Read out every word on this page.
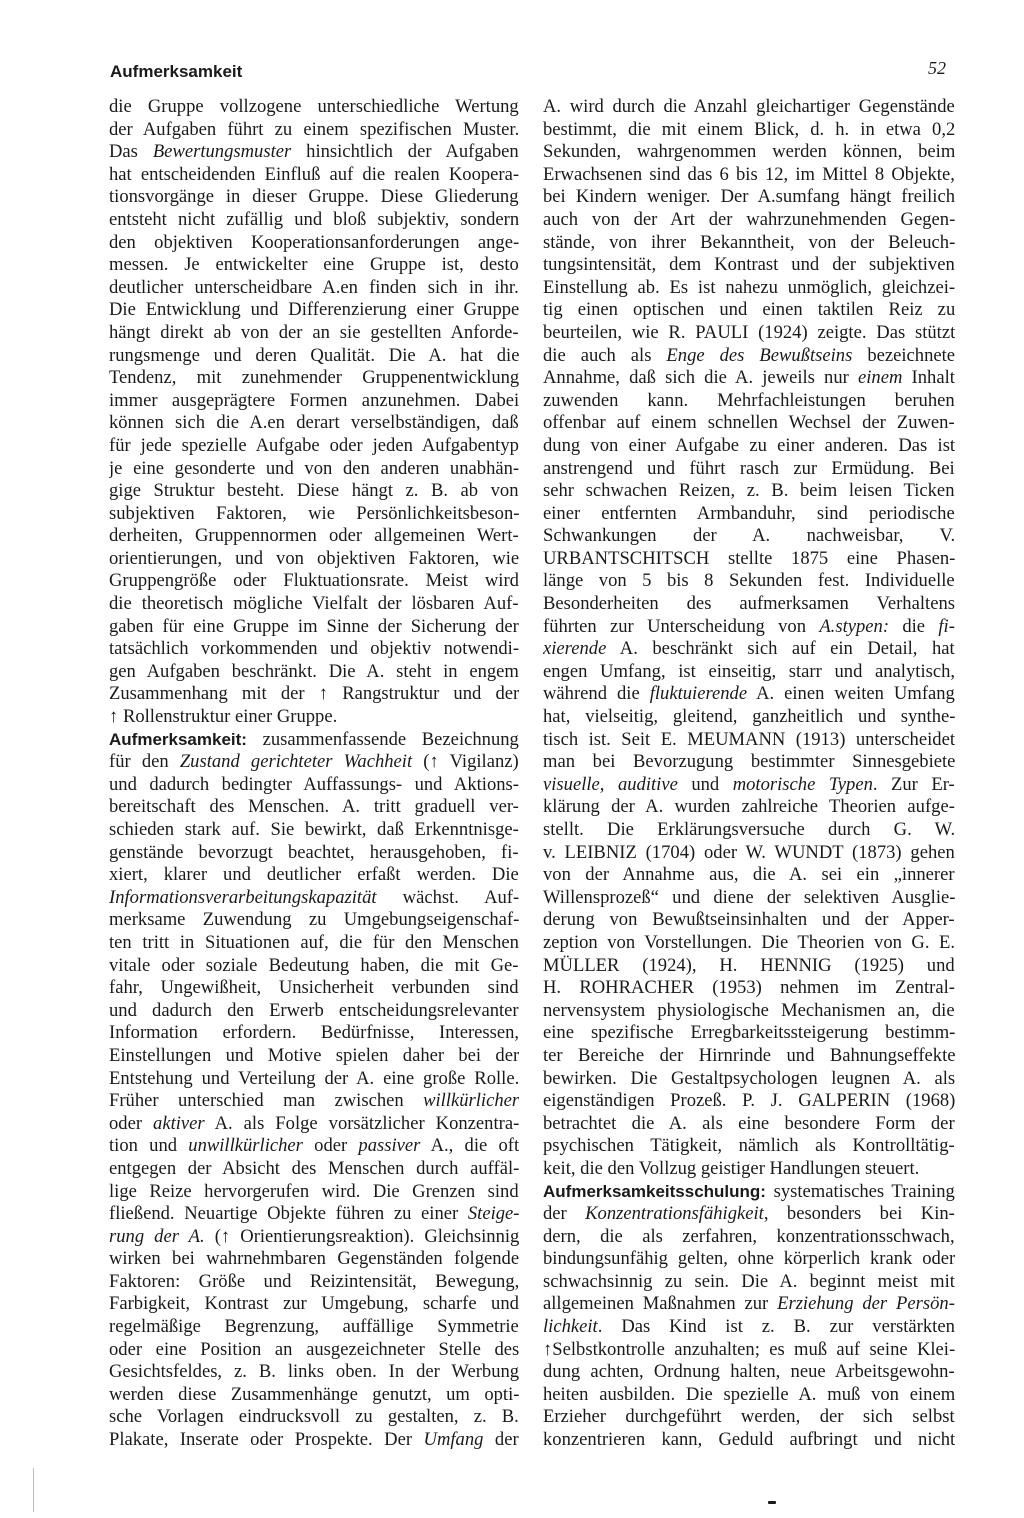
Aufmerksamkeit	52
die Gruppe vollzogene unterschiedliche Wertung
der Aufgaben führt zu einem spezifischen Muster.
Das Bewertungsmuster hinsichtlich der Aufgaben
hat entscheidenden Einfluß auf die realen Koopera-
tionsvorgänge in dieser Gruppe. Diese Gliederung
entsteht nicht zufällig und bloß subjektiv, sondern
den objektiven Kooperationsanforderungen ange-
messen. Je entwickelter eine Gruppe ist, desto
deutlicher unterscheidbare A.en finden sich in ihr.
Die Entwicklung und Differenzierung einer Gruppe
hängt direkt ab von der an sie gestellten Anforde-
rungsmenge und deren Qualität. Die A. hat die
Tendenz, mit zunehmender Gruppenentwicklung
immer ausgeprägtere Formen anzunehmen. Dabei
können sich die A.en derart verselbständigen, daß
für jede spezielle Aufgabe oder jeden Aufgabentyp
je eine gesonderte und von den anderen unabhän-
gige Struktur besteht. Diese hängt z. B. ab von
subjektiven Faktoren, wie Persönlichkeitsbeson-
derheiten, Gruppennormen oder allgemeinen Wert-
orientierungen, und von objektiven Faktoren, wie
Gruppengröße oder Fluktuationsrate. Meist wird
die theoretisch mögliche Vielfalt der lösbaren Auf-
gaben für eine Gruppe im Sinne der Sicherung der
tatsächlich vorkommenden und objektiv notwendi-
gen Aufgaben beschränkt. Die A. steht in engem
Zusammenhang mit der ↑ Rangstruktur und der
↑ Rollenstruktur einer Gruppe.
Aufmerksamkeit: zusammenfassende Bezeichnung
für den Zustand gerichteter Wachheit (↑ Vigilanz)
und dadurch bedingter Auffassungs- und Aktions-
bereitschaft des Menschen. A. tritt graduell ver-
schieden stark auf. Sie bewirkt, daß Erkenntnisge-
genstände bevorzugt beachtet, herausgehoben, fi-
xiert, klarer und deutlicher erfaßt werden. Die
Informationsverarbeitungskapazität wächst. Auf-
merksame Zuwendung zu Umgebungseigenschaf-
ten tritt in Situationen auf, die für den Menschen
vitale oder soziale Bedeutung haben, die mit Ge-
fahr, Ungewißheit, Unsicherheit verbunden sind
und dadurch den Erwerb entscheidungsrelevanter
Information erfordern. Bedürfnisse, Interessen,
Einstellungen und Motive spielen daher bei der
Entstehung und Verteilung der A. eine große Rolle.
Früher unterschied man zwischen willkürlicher
oder aktiver A. als Folge vorsätzlicher Konzentra-
tion und unwillkürlicher oder passiver A., die oft
entgegen der Absicht des Menschen durch auffäl-
lige Reize hervorgerufen wird. Die Grenzen sind
fließend. Neuartige Objekte führen zu einer Steige-
rung der A. (↑ Orientierungsreaktion). Gleichsinnig
wirken bei wahrnehmbaren Gegenständen folgende
Faktoren: Größe und Reizintensität, Bewegung,
Farbigkeit, Kontrast zur Umgebung, scharfe und
regelmäßige Begrenzung, auffällige Symmetrie
oder eine Position an ausgezeichneter Stelle des
Gesichtsfeldes, z. B. links oben. In der Werbung
werden diese Zusammenhänge genutzt, um opti-
sche Vorlagen eindrucksvoll zu gestalten, z. B.
Plakate, Inserate oder Prospekte. Der Umfang der
A. wird durch die Anzahl gleichartiger Gegenstände
bestimmt, die mit einem Blick, d. h. in etwa 0,2
Sekunden, wahrgenommen werden können, beim
Erwachsenen sind das 6 bis 12, im Mittel 8 Objekte,
bei Kindern weniger. Der A.sumfang hängt freilich
auch von der Art der wahrzunehmenden Gegen-
stände, von ihrer Bekanntheit, von der Beleuch-
tungsintensität, dem Kontrast und der subjektiven
Einstellung ab. Es ist nahezu unmöglich, gleichzei-
tig einen optischen und einen taktilen Reiz zu
beurteilen, wie R. PAULI (1924) zeigte. Das stützt
die auch als Enge des Bewußtseins bezeichnete
Annahme, daß sich die A. jeweils nur einem Inhalt
zuwenden kann. Mehrfachleistungen beruhen
offenbar auf einem schnellen Wechsel der Zuwen-
dung von einer Aufgabe zu einer anderen. Das ist
anstrengend und führt rasch zur Ermüdung. Bei
sehr schwachen Reizen, z. B. beim leisen Ticken
einer entfernten Armbanduhr, sind periodische
Schwankungen der A. nachweisbar, V.
URBANTSCHITSCH stellte 1875 eine Phasen-
länge von 5 bis 8 Sekunden fest. Individuelle
Besonderheiten des aufmerksamen Verhaltens
führten zur Unterscheidung von A.stypen: die fi-
xierende A. beschränkt sich auf ein Detail, hat
engen Umfang, ist einseitig, starr und analytisch,
während die fluktuierende A. einen weiten Umfang
hat, vielseitig, gleitend, ganzheitlich und synthe-
tisch ist. Seit E. MEUMANN (1913) unterscheidet
man bei Bevorzugung bestimmter Sinnesgebiete
visuelle, auditive und motorische Typen. Zur Er-
klärung der A. wurden zahlreiche Theorien aufge-
stellt. Die Erklärungsversuche durch G. W.
v. LEIBNIZ (1704) oder W. WUNDT (1873) gehen
von der Annahme aus, die A. sei ein „innerer
Willensprozeß“ und diene der selektiven Ausglie-
derung von Bewußtseinsinhalten und der Apper-
zeption von Vorstellungen. Die Theorien von G. E.
MÜLLER (1924), H. HENNIG (1925) und
H. ROHRACHER (1953) nehmen im Zentral-
nervensystem physiologische Mechanismen an, die
eine spezifische Erregbarkeitssteigerung bestimm-
ter Bereiche der Hirnrinde und Bahnungseffekte
bewirken. Die Gestaltpsychologen leugnen A. als
eigenständigen Prozeß. P. J. GALPERIN (1968)
betrachtet die A. als eine besondere Form der
psychischen Tätigkeit, nämlich als Kontrolltätig-
keit, die den Vollzug geistiger Handlungen steuert.
Aufmerksamkeitsschulung: systematisches Training
der Konzentrationsfähigkeit, besonders bei Kin-
dern, die als zerfahren, konzentrationsschwach,
bindungsunfähig gelten, ohne körperlich krank oder
schwachsinnig zu sein. Die A. beginnt meist mit
allgemeinen Maßnahmen zur Erziehung der Persön-
lichkeit. Das Kind ist z. B. zur verstärkten
↑Selbstkontrolle anzuhalten; es muß auf seine Klei-
dung achten, Ordnung halten, neue Arbeitsgewohn-
heiten ausbilden. Die spezielle A. muß von einem
Erzieher durchgeführt werden, der sich selbst
konzentrieren kann, Geduld aufbringt und nicht
